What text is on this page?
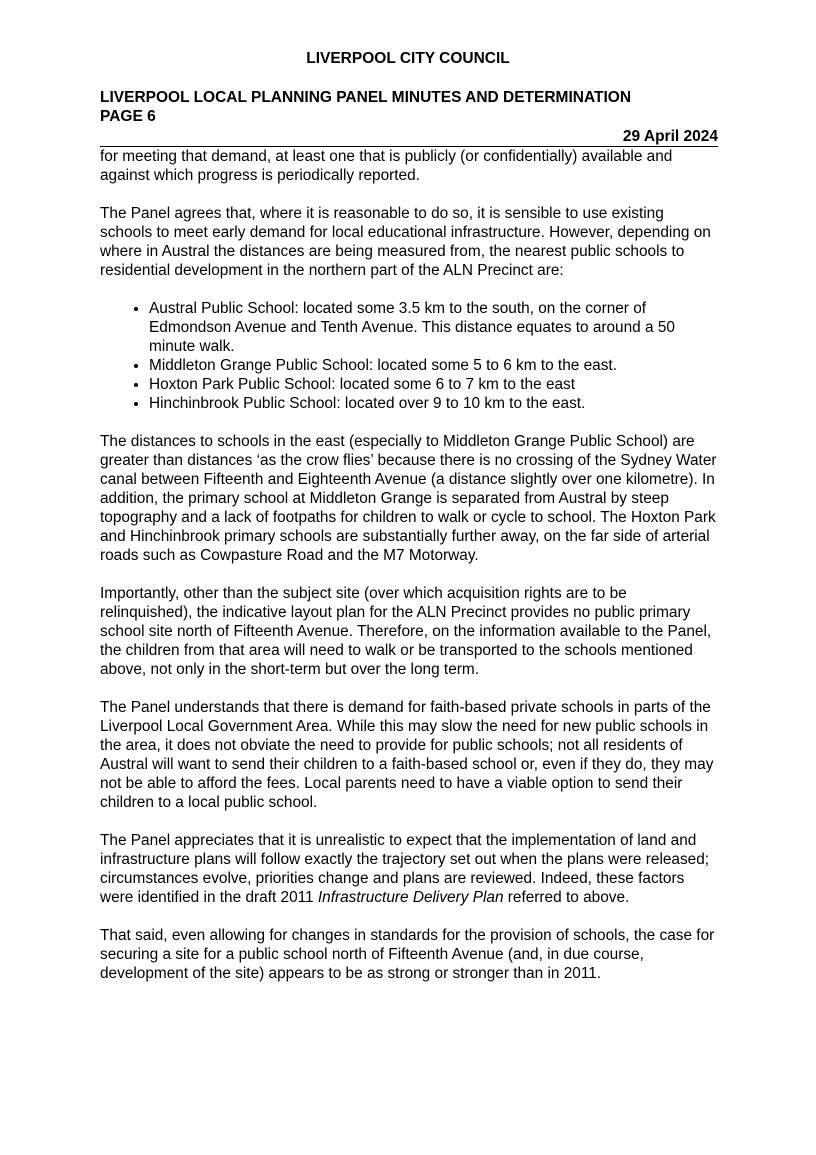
LIVERPOOL CITY COUNCIL
LIVERPOOL LOCAL PLANNING PANEL MINUTES AND DETERMINATION
PAGE 6
29 April 2024

for meeting that demand, at least one that is publicly (or confidentially) available and against which progress is periodically reported.

The Panel agrees that, where it is reasonable to do so, it is sensible to use existing schools to meet early demand for local educational infrastructure. However, depending on where in Austral the distances are being measured from, the nearest public schools to residential development in the northern part of the ALN Precinct are:

• Austral Public School: located some 3.5 km to the south, on the corner of Edmondson Avenue and Tenth Avenue. This distance equates to around a 50 minute walk.
• Middleton Grange Public School: located some 5 to 6 km to the east.
• Hoxton Park Public School: located some 6 to 7 km to the east
• Hinchinbrook Public School: located over 9 to 10 km to the east.

The distances to schools in the east (especially to Middleton Grange Public School) are greater than distances ‘as the crow flies’ because there is no crossing of the Sydney Water canal between Fifteenth and Eighteenth Avenue (a distance slightly over one kilometre). In addition, the primary school at Middleton Grange is separated from Austral by steep topography and a lack of footpaths for children to walk or cycle to school. The Hoxton Park and Hinchinbrook primary schools are substantially further away, on the far side of arterial roads such as Cowpasture Road and the M7 Motorway.

Importantly, other than the subject site (over which acquisition rights are to be relinquished), the indicative layout plan for the ALN Precinct provides no public primary school site north of Fifteenth Avenue. Therefore, on the information available to the Panel, the children from that area will need to walk or be transported to the schools mentioned above, not only in the short-term but over the long term.

The Panel understands that there is demand for faith-based private schools in parts of the Liverpool Local Government Area. While this may slow the need for new public schools in the area, it does not obviate the need to provide for public schools; not all residents of Austral will want to send their children to a faith-based school or, even if they do, they may not be able to afford the fees. Local parents need to have a viable option to send their children to a local public school.

The Panel appreciates that it is unrealistic to expect that the implementation of land and infrastructure plans will follow exactly the trajectory set out when the plans were released; circumstances evolve, priorities change and plans are reviewed. Indeed, these factors were identified in the draft 2011 Infrastructure Delivery Plan referred to above.

That said, even allowing for changes in standards for the provision of schools, the case for securing a site for a public school north of Fifteenth Avenue (and, in due course, development of the site) appears to be as strong or stronger than in 2011.
